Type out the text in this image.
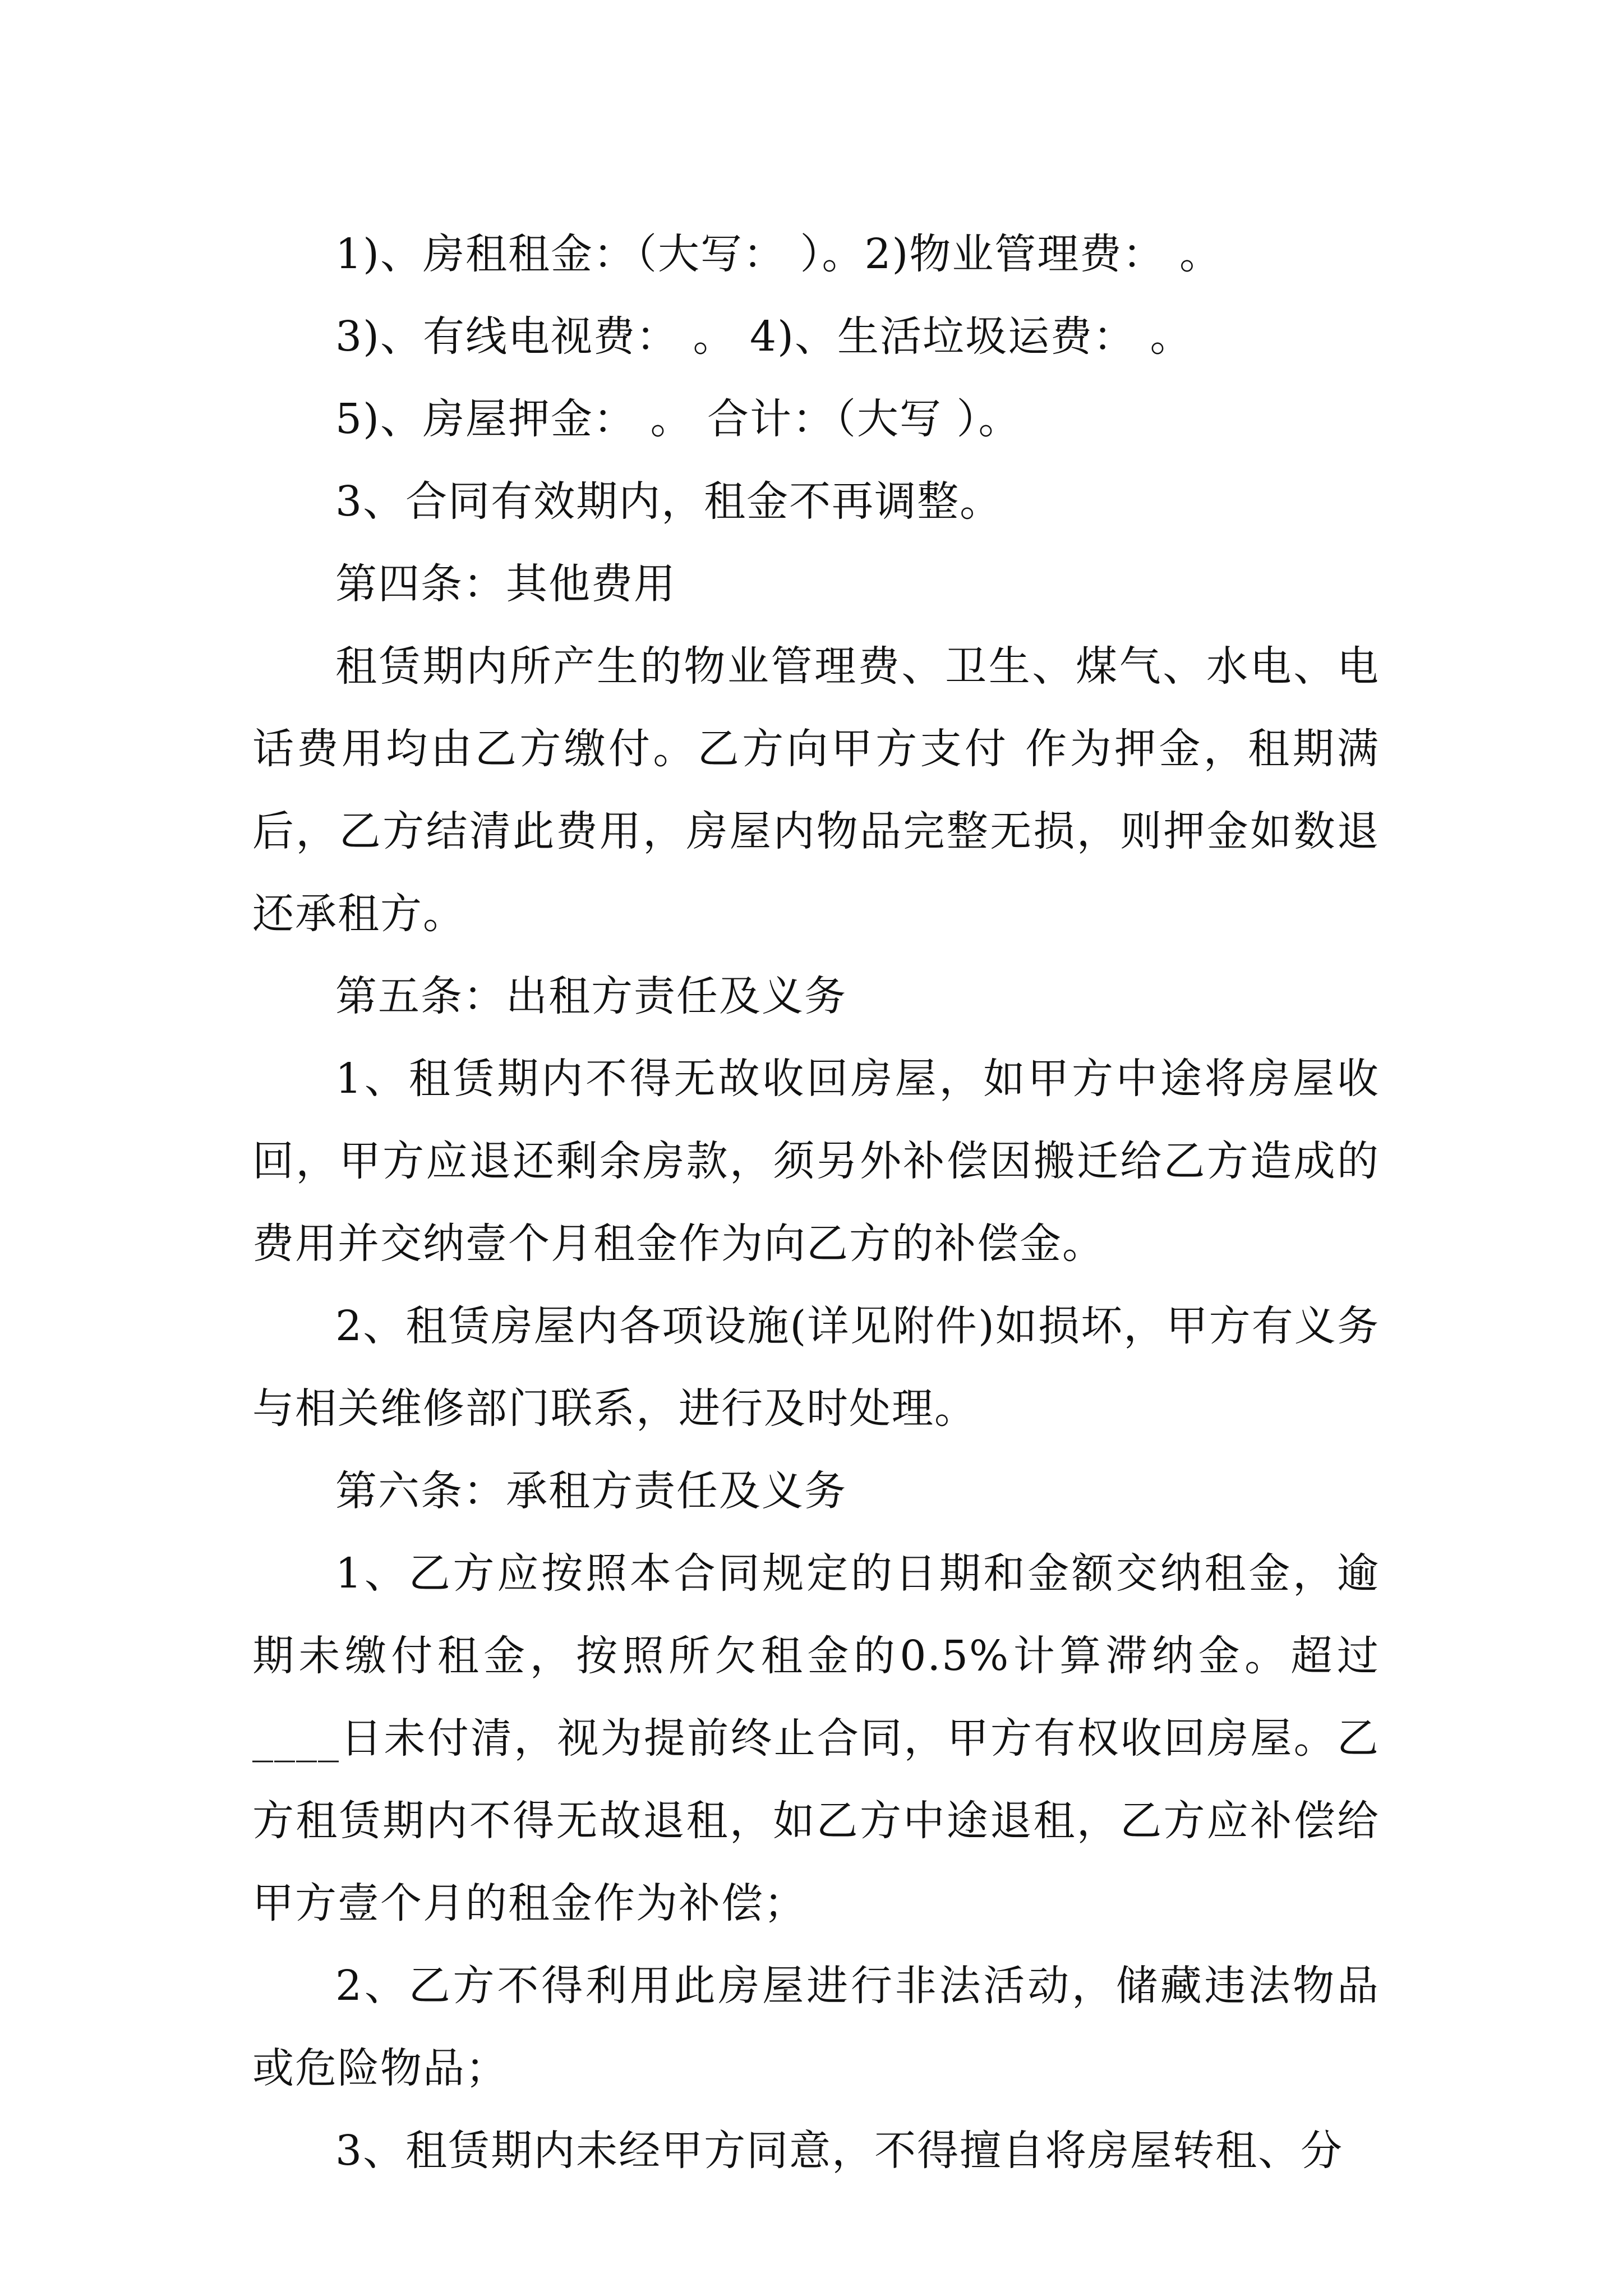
1)、房租租金：（大写： ）。2)物业管理费： 。

3)、有线电视费： 。 4)、生活垃圾运费： 。

5)、房屋押金： 。 合计：（大写 ）。

3、合同有效期内，租金不再调整。

第四条：其他费用

租赁期内所产生的物业管理费、卫生、煤气、水电、电话费用均由乙方缴付。乙方向甲方支付 作为押金，租期满后，乙方结清此费用，房屋内物品完整无损，则押金如数退还承租方。

第五条：出租方责任及义务

1、租赁期内不得无故收回房屋，如甲方中途将房屋收回，甲方应退还剩余房款，须另外补偿因搬迁给乙方造成的费用并交纳壹个月租金作为向乙方的补偿金。

2、租赁房屋内各项设施(详见附件)如损坏，甲方有义务与相关维修部门联系，进行及时处理。

第六条：承租方责任及义务

1、乙方应按照本合同规定的日期和金额交纳租金，逾期未缴付租金，按照所欠租金的0.5%计算滞纳金。超过____日未付清，视为提前终止合同，甲方有权收回房屋。乙方租赁期内不得无故退租，如乙方中途退租，乙方应补偿给甲方壹个月的租金作为补偿；

2、乙方不得利用此房屋进行非法活动，储藏违法物品或危险物品；

3、租赁期内未经甲方同意，不得擅自将房屋转租、分
